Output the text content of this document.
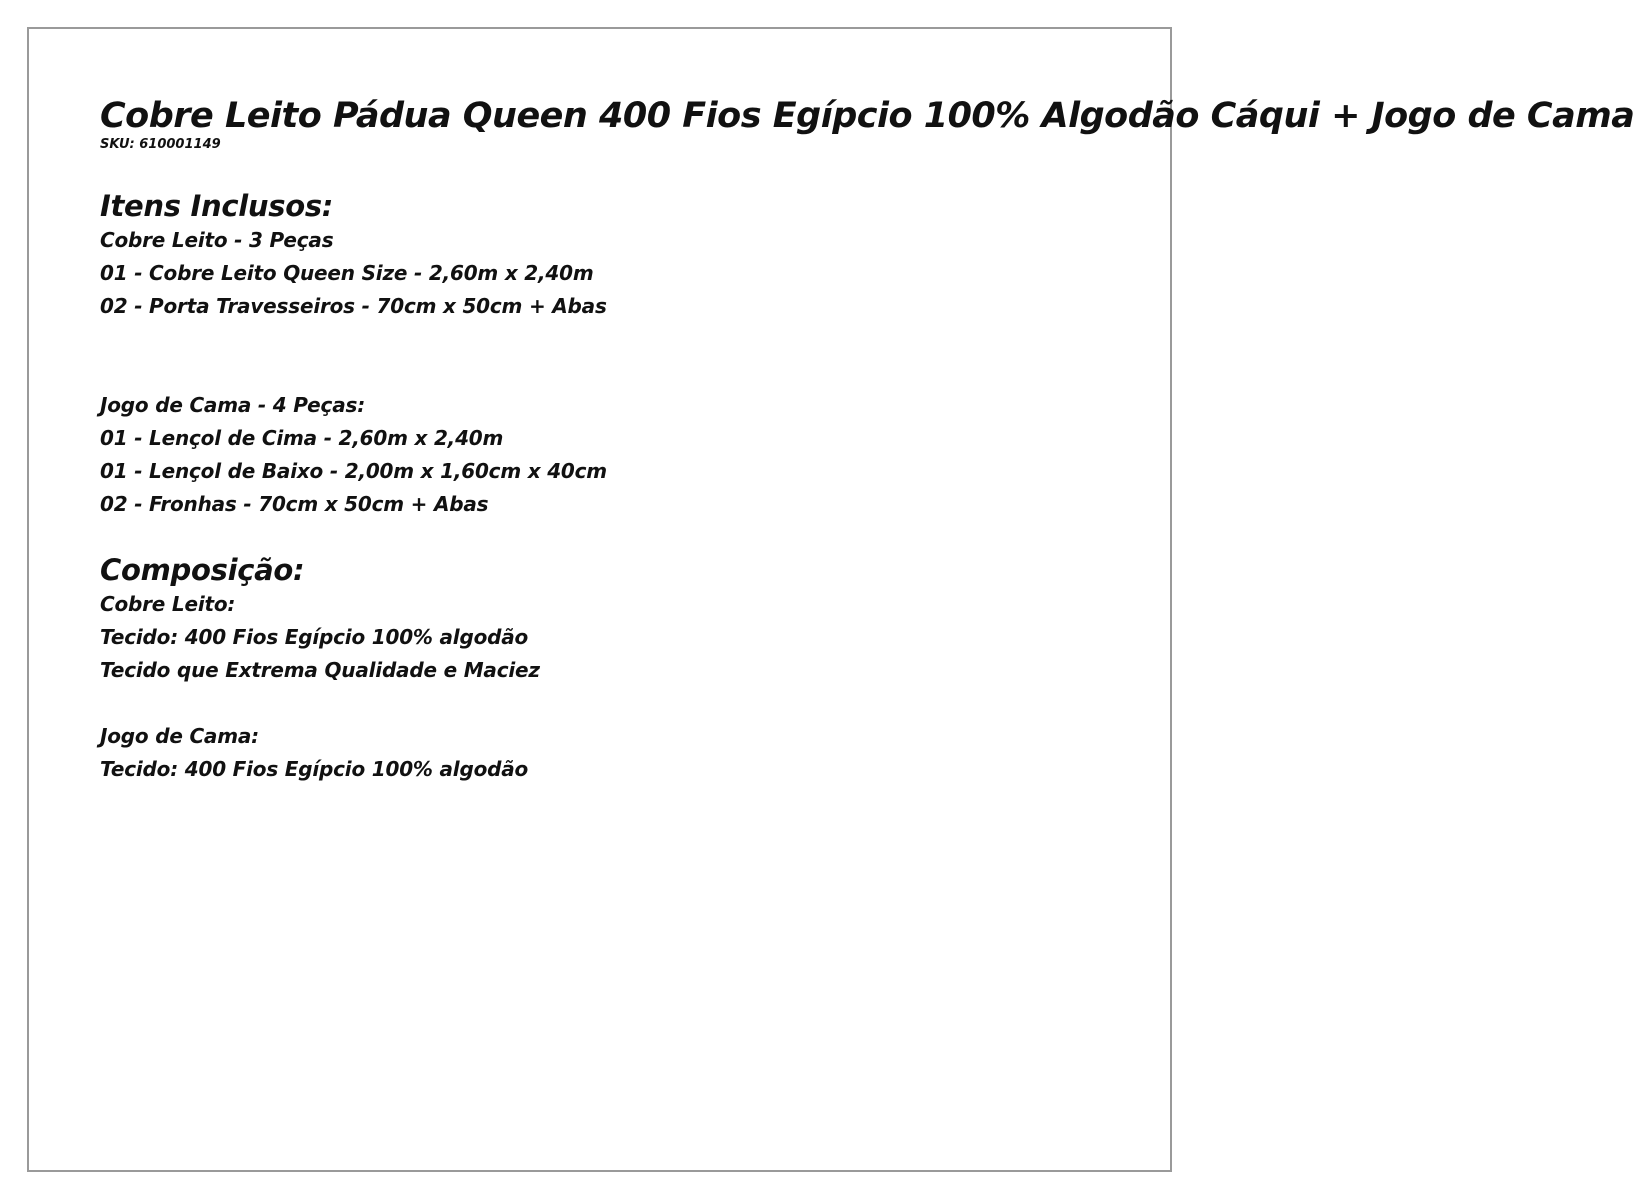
Cobre Leito Pádua Queen 400 Fios Egípcio 100% Algodão Cáqui + Jogo de Cama

SKU: 610001149

Itens Inclusos:

Cobre Leito - 3 Peças

01 - Cobre Leito Queen Size - 2,60m x 2,40m

02 - Porta Travesseiros - 70cm x 50cm + Abas

Jogo de Cama - 4 Peças:

01 - Lençol de Cima - 2,60m x 2,40m

01 - Lençol de Baixo - 2,00m x 1,60cm x 40cm

02 - Fronhas - 70cm x 50cm + Abas

Composição:

Cobre Leito:

Tecido: 400 Fios Egípcio 100% algodão

Tecido que Extrema Qualidade e Maciez

Jogo de Cama:

Tecido: 400 Fios Egípcio 100% algodão
